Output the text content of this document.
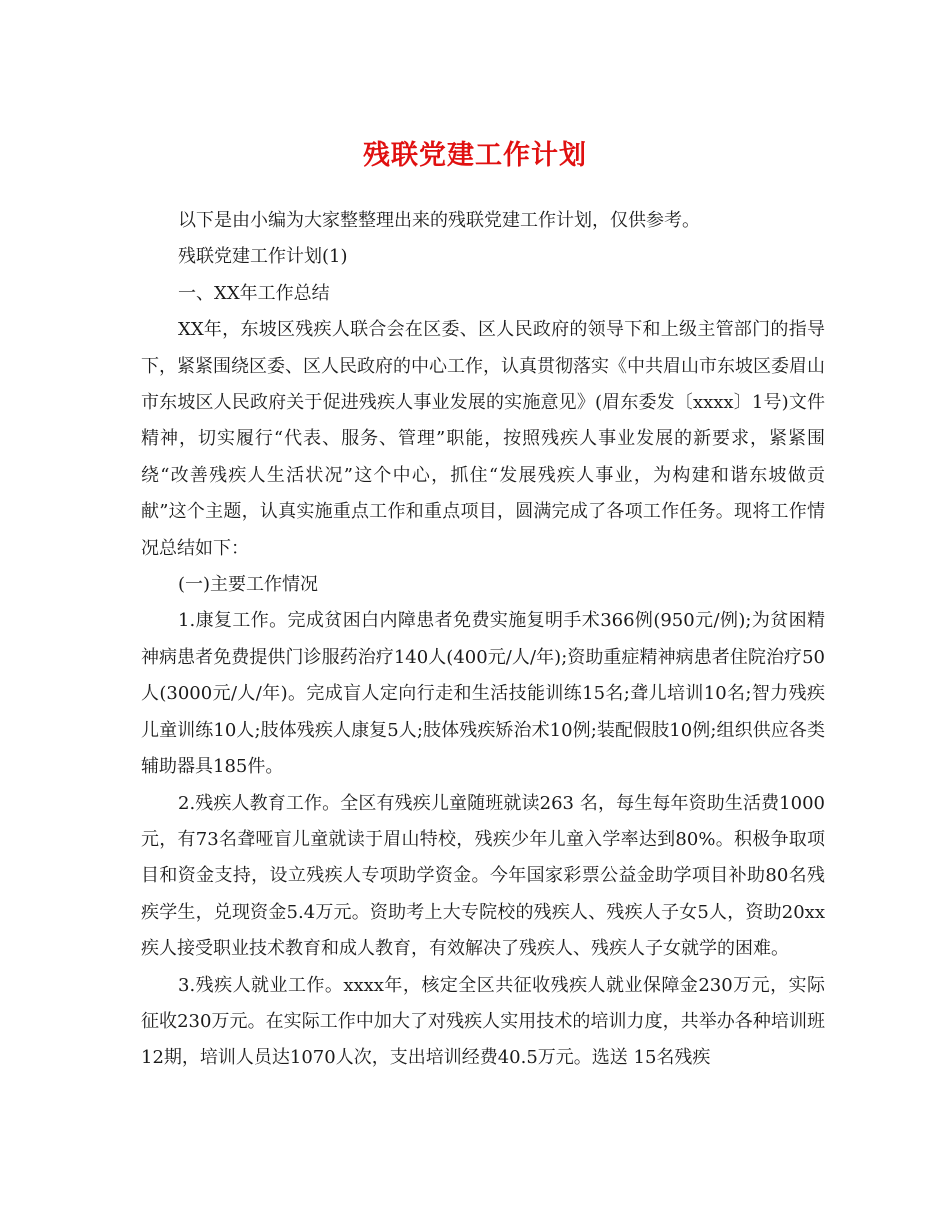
残联党建工作计划

以下是由小编为大家整整理出来的残联党建工作计划，仅供参考。

残联党建工作计划(1)

一、XX年工作总结

XX年，东坡区残疾人联合会在区委、区人民政府的领导下和上级主管部门的指导下，紧紧围绕区委、区人民政府的中心工作，认真贯彻落实《中共眉山市东坡区委眉山市东坡区人民政府关于促进残疾人事业发展的实施意见》(眉东委发〔xxxx〕1号)文件精神，切实履行“代表、服务、管理”职能，按照残疾人事业发展的新要求，紧紧围绕“改善残疾人生活状况”这个中心，抓住“发展残疾人事业，为构建和谐东坡做贡献”这个主题，认真实施重点工作和重点项目，圆满完成了各项工作任务。现将工作情况总结如下：

(一)主要工作情况

1.康复工作。完成贫困白内障患者免费实施复明手术366例(950元/例);为贫困精神病患者免费提供门诊服药治疗140人(400元/人/年);资助重症精神病患者住院治疗50人(3000元/人/年)。完成盲人定向行走和生活技能训练15名;聋儿培训10名;智力残疾儿童训练10人;肢体残疾人康复5人;肢体残疾矫治术10例;装配假肢10例;组织供应各类辅助器具185件。

2.残疾人教育工作。全区有残疾儿童随班就读263 名，每生每年资助生活费1000元，有73名聋哑盲儿童就读于眉山特校，残疾少年儿童入学率达到80%。积极争取项目和资金支持，设立残疾人专项助学资金。今年国家彩票公益金助学项目补助80名残疾学生，兑现资金5.4万元。资助考上大专院校的残疾人、残疾人子女5人，资助20xx疾人接受职业技术教育和成人教育，有效解决了残疾人、残疾人子女就学的困难。

3.残疾人就业工作。xxxx年，核定全区共征收残疾人就业保障金230万元，实际征收230万元。在实际工作中加大了对残疾人实用技术的培训力度，共举办各种培训班12期，培训人员达1070人次，支出培训经费40.5万元。选送 15名残疾
